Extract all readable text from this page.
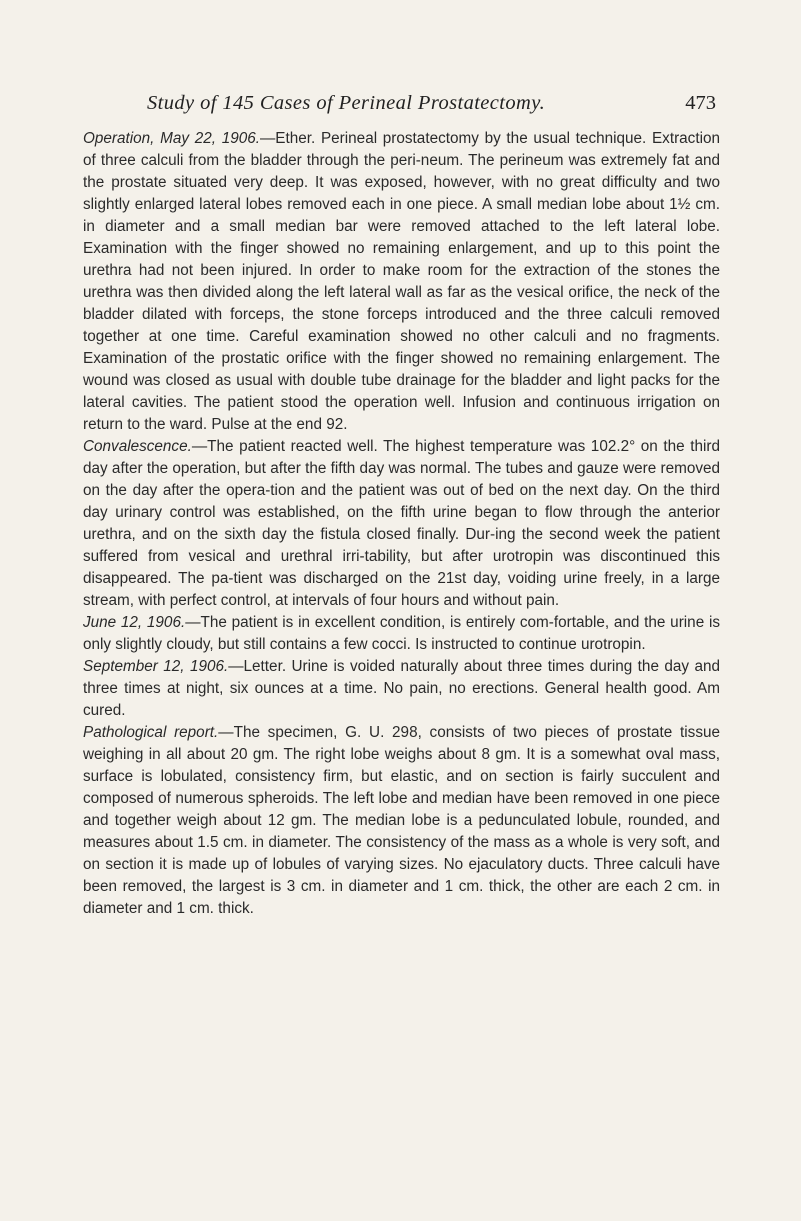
Study of 145 Cases of Perineal Prostatectomy.	473

Operation, May 22, 1906.—Ether. Perineal prostatectomy by the usual technique. Extraction of three calculi from the bladder through the peri-neum. The perineum was extremely fat and the prostate situated very deep. It was exposed, however, with no great difficulty and two slightly enlarged lateral lobes removed each in one piece. A small median lobe about 1½ cm. in diameter and a small median bar were removed attached to the left lateral lobe. Examination with the finger showed no remaining enlargement, and up to this point the urethra had not been injured. In order to make room for the extraction of the stones the urethra was then divided along the left lateral wall as far as the vesical orifice, the neck of the bladder dilated with forceps, the stone forceps introduced and the three calculi removed together at one time. Careful examination showed no other calculi and no fragments. Examination of the prostatic orifice with the finger showed no remaining enlargement. The wound was closed as usual with double tube drainage for the bladder and light packs for the lateral cavities. The patient stood the operation well. Infusion and continuous irrigation on return to the ward. Pulse at the end 92.

Convalescence.—The patient reacted well. The highest temperature was 102.2° on the third day after the operation, but after the fifth day was normal. The tubes and gauze were removed on the day after the opera-tion and the patient was out of bed on the next day. On the third day urinary control was established, on the fifth urine began to flow through the anterior urethra, and on the sixth day the fistula closed finally. Dur-ing the second week the patient suffered from vesical and urethral irri-tability, but after urotropin was discontinued this disappeared. The pa-tient was discharged on the 21st day, voiding urine freely, in a large stream, with perfect control, at intervals of four hours and without pain.

June 12, 1906.—The patient is in excellent condition, is entirely com-fortable, and the urine is only slightly cloudy, but still contains a few cocci. Is instructed to continue urotropin.

September 12, 1906.—Letter. Urine is voided naturally about three times during the day and three times at night, six ounces at a time. No pain, no erections. General health good. Am cured.

Pathological report.—The specimen, G. U. 298, consists of two pieces of prostate tissue weighing in all about 20 gm. The right lobe weighs about 8 gm. It is a somewhat oval mass, surface is lobulated, consistency firm, but elastic, and on section is fairly succulent and composed of numerous spheroids. The left lobe and median have been removed in one piece and together weigh about 12 gm. The median lobe is a pedunculated lobule, rounded, and measures about 1.5 cm. in diameter. The consistency of the mass as a whole is very soft, and on section it is made up of lobules of varying sizes. No ejaculatory ducts. Three calculi have been removed, the largest is 3 cm. in diameter and 1 cm. thick, the other are each 2 cm. in diameter and 1 cm. thick.
